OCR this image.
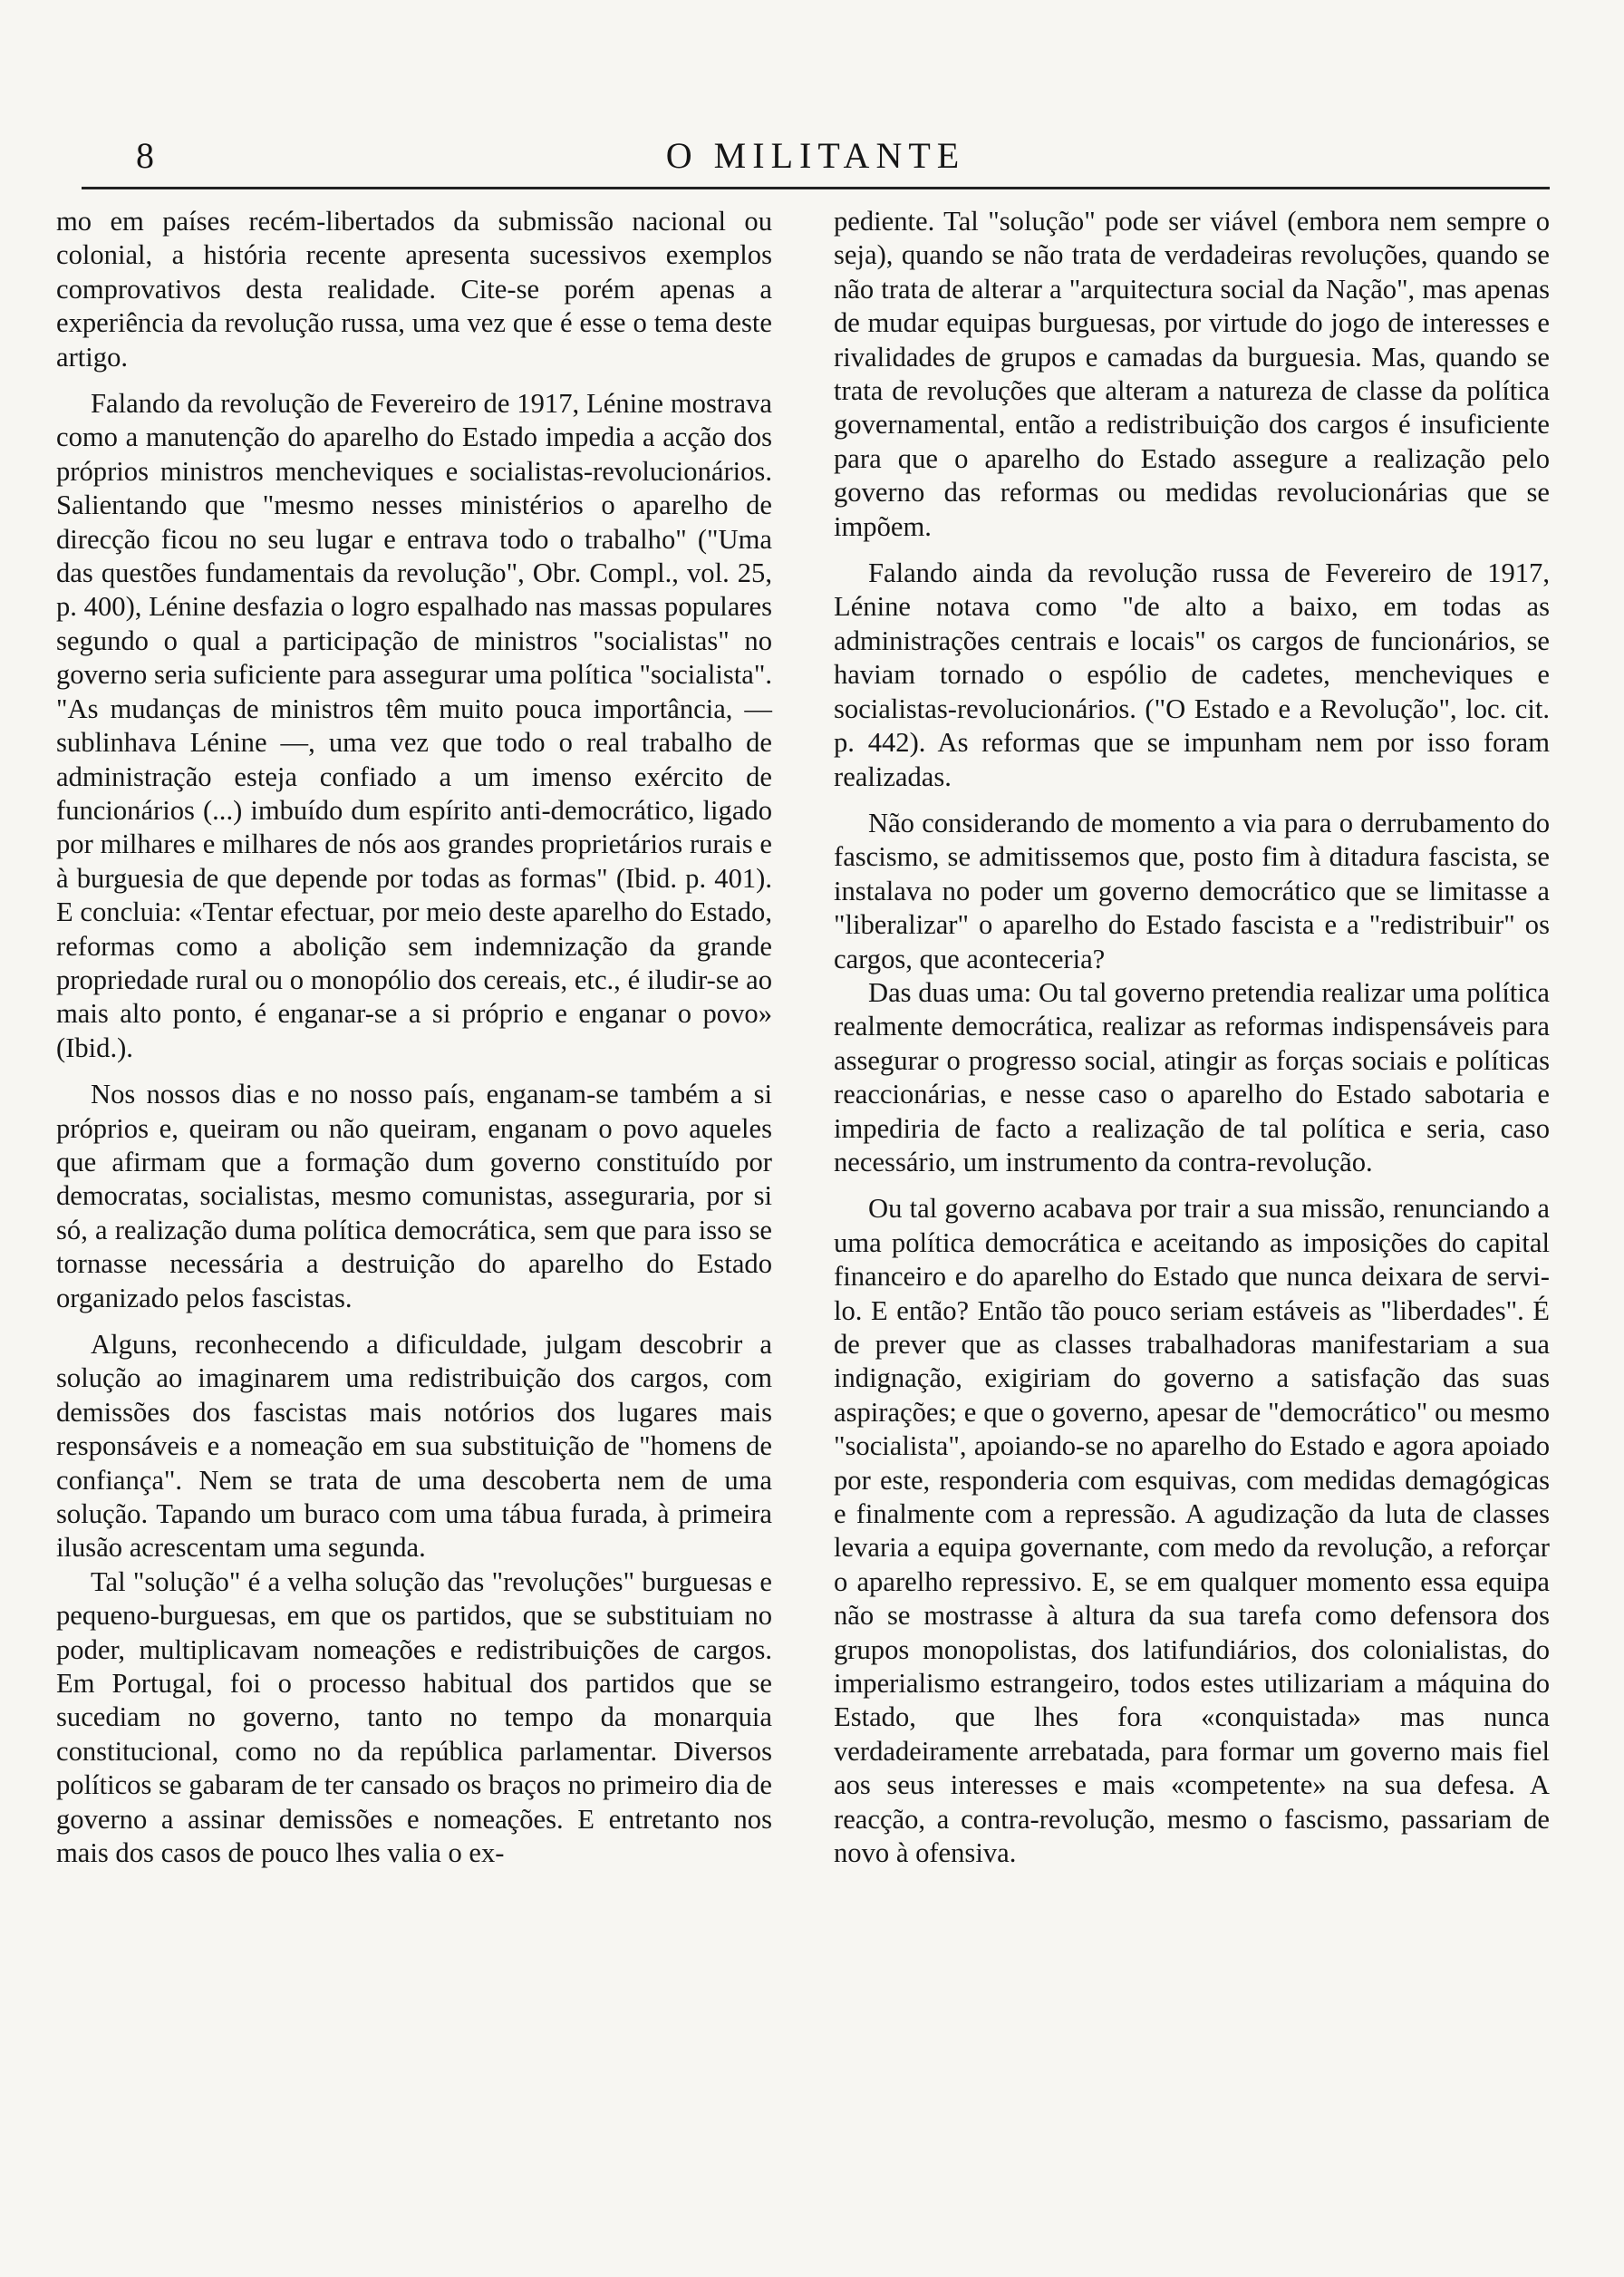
8	O MILITANTE

mo em países recém-libertados da submissão nacional ou colonial, a história recente apresenta sucessivos exemplos comprovativos desta realidade. Cite-se porém apenas a experiência da revolução russa, uma vez que é esse o tema deste artigo.

Falando da revolução de Fevereiro de 1917, Lénine mostrava como a manutenção do aparelho do Estado impedia a acção dos próprios ministros mencheviques e socialistas-revolucionários. Salientando que "mesmo nesses ministérios o aparelho de direcção ficou no seu lugar e entrava todo o trabalho" ("Uma das questões fundamentais da revolução", Obr. Compl., vol. 25, p. 400), Lénine desfazia o logro espalhado nas massas populares segundo o qual a participação de ministros "socialistas" no governo seria suficiente para assegurar uma política "socialista". "As mudanças de ministros têm muito pouca importância, — sublinhava Lénine —, uma vez que todo o real trabalho de administração esteja confiado a um imenso exército de funcionários (...) imbuído dum espírito anti-democrático, ligado por milhares e milhares de nós aos grandes proprietários rurais e à burguesia de que depende por todas as formas" (Ibid. p. 401). E concluia: «Tentar efectuar, por meio deste aparelho do Estado, reformas como a abolição sem indemnização da grande propriedade rural ou o monopólio dos cereais, etc., é iludir-se ao mais alto ponto, é enganar-se a si próprio e enganar o povo» (Ibid.).

Nos nossos dias e no nosso país, enganam-se também a si próprios e, queiram ou não queiram, enganam o povo aqueles que afirmam que a formação dum governo constituído por democratas, socialistas, mesmo comunistas, asseguraria, por si só, a realização duma política democrática, sem que para isso se tornasse necessária a destruição do aparelho do Estado organizado pelos fascistas.

Alguns, reconhecendo a dificuldade, julgam descobrir a solução ao imaginarem uma redistribuição dos cargos, com demissões dos fascistas mais notórios dos lugares mais responsáveis e a nomeação em sua substituição de "homens de confiança". Nem se trata de uma descoberta nem de uma solução. Tapando um buraco com uma tábua furada, à primeira ilusão acrescentam uma segunda.

Tal "solução" é a velha solução das "revoluções" burguesas e pequeno-burguesas, em que os partidos, que se substituiam no poder, multiplicavam nomeações e redistribuições de cargos. Em Portugal, foi o processo habitual dos partidos que se sucediam no governo, tanto no tempo da monarquia constitucional, como no da república parlamentar. Diversos políticos se gabaram de ter cansado os braços no primeiro dia de governo a assinar demissões e nomeações. E entretanto nos mais dos casos de pouco lhes valia o ex-

pediente. Tal "solução" pode ser viável (embora nem sempre o seja), quando se não trata de verdadeiras revoluções, quando se não trata de alterar a "arquitectura social da Nação", mas apenas de mudar equipas burguesas, por virtude do jogo de interesses e rivalidades de grupos e camadas da burguesia. Mas, quando se trata de revoluções que alteram a natureza de classe da política governamental, então a redistribuição dos cargos é insuficiente para que o aparelho do Estado assegure a realização pelo governo das reformas ou medidas revolucionárias que se impõem.

Falando ainda da revolução russa de Fevereiro de 1917, Lénine notava como "de alto a baixo, em todas as administrações centrais e locais" os cargos de funcionários, se haviam tornado o espólio de cadetes, mencheviques e socialistas-revolucionários. ("O Estado e a Revolução", loc. cit. p. 442). As reformas que se impunham nem por isso foram realizadas.

Não considerando de momento a via para o derrubamento do fascismo, se admitissemos que, posto fim à ditadura fascista, se instalava no poder um governo democrático que se limitasse a "liberalizar" o aparelho do Estado fascista e a "redistribuir" os cargos, que aconteceria?

Das duas uma: Ou tal governo pretendia realizar uma política realmente democrática, realizar as reformas indispensáveis para assegurar o progresso social, atingir as forças sociais e políticas reaccionárias, e nesse caso o aparelho do Estado sabotaria e impediria de facto a realização de tal política e seria, caso necessário, um instrumento da contra-revolução.

Ou tal governo acabava por trair a sua missão, renunciando a uma política democrática e aceitando as imposições do capital financeiro e do aparelho do Estado que nunca deixara de servi-lo. E então? Então tão pouco seriam estáveis as "liberdades". É de prever que as classes trabalhadoras manifestariam a sua indignação, exigiriam do governo a satisfação das suas aspirações; e que o governo, apesar de "democrático" ou mesmo "socialista", apoiando-se no aparelho do Estado e agora apoiado por este, responderia com esquivas, com medidas demagógicas e finalmente com a repressão. A agudização da luta de classes levaria a equipa governante, com medo da revolução, a reforçar o aparelho repressivo. E, se em qualquer momento essa equipa não se mostrasse à altura da sua tarefa como defensora dos grupos monopolistas, dos latifundiários, dos colonialistas, do imperialismo estrangeiro, todos estes utilizariam a máquina do Estado, que lhes fora «conquistada» mas nunca verdadeiramente arrebatada, para formar um governo mais fiel aos seus interesses e mais «competente» na sua defesa. A reacção, a contra-revolução, mesmo o fascismo, passariam de novo à ofensiva.
